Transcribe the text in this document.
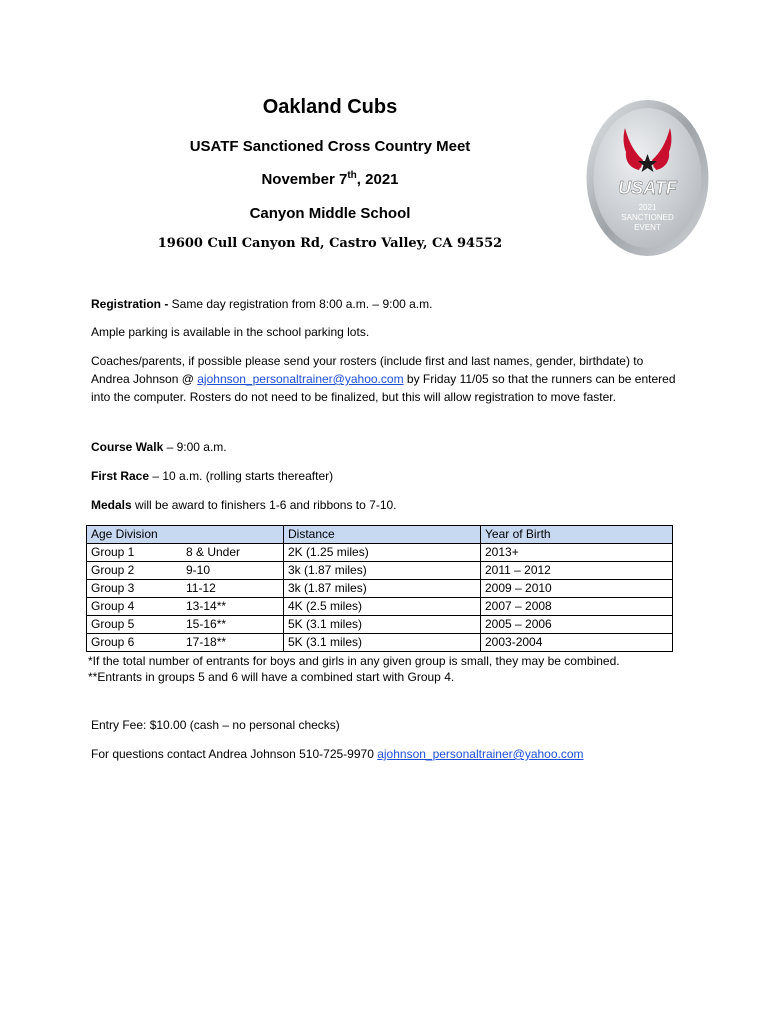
Oakland Cubs
USATF Sanctioned Cross Country Meet
November 7th, 2021
Canyon Middle School
19600 Cull Canyon Rd, Castro Valley, CA 94552
USATF
2021
SANCTIONED
EVENT
Registration - Same day registration from 8:00 a.m. – 9:00 a.m.
Ample parking is available in the school parking lots.
Coaches/parents, if possible please send your rosters (include first and last names, gender, birthdate) to Andrea Johnson @ ajohnson_personaltrainer@yahoo.com by Friday 11/05 so that the runners can be entered into the computer. Rosters do not need to be finalized, but this will allow registration to move faster.
Course Walk – 9:00 a.m.
First Race – 10 a.m. (rolling starts thereafter)
Medals will be award to finishers 1-6 and ribbons to 7-10.
Age Division	Distance	Year of Birth
Group 1 8 & Under	2K (1.25 miles)	2013+
Group 2 9-10	3k (1.87 miles)	2011 – 2012
Group 3 11-12	3k (1.87 miles)	2009 – 2010
Group 4 13-14**	4K (2.5 miles)	2007 – 2008
Group 5 15-16**	5K (3.1 miles)	2005 – 2006
Group 6 17-18**	5K (3.1 miles)	2003-2004
*If the total number of entrants for boys and girls in any given group is small, they may be combined.
**Entrants in groups 5 and 6 will have a combined start with Group 4.
Entry Fee: $10.00 (cash – no personal checks)
For questions contact Andrea Johnson 510-725-9970 ajohnson_personaltrainer@yahoo.com
